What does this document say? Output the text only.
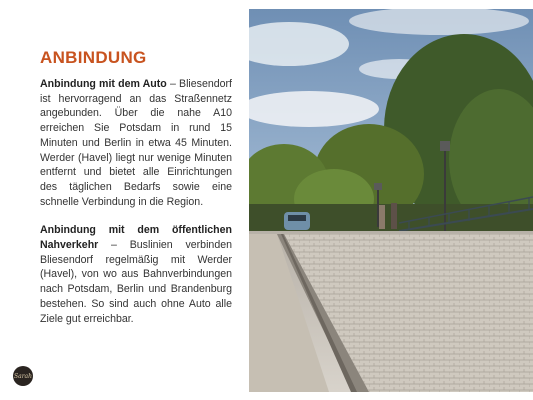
ANBINDUNG

Anbindung mit dem Auto – Bliesendorf ist hervorragend an das Straßennetz angebunden. Über die nahe A10 erreichen Sie Potsdam in rund 15 Minuten und Berlin in etwa 45 Minuten. Werder (Havel) liegt nur wenige Minuten entfernt und bietet alle Einrichtungen des täglichen Bedarfs sowie eine schnelle Verbindung in die Region.

Anbindung mit dem öffentlichen Nahverkehr – Buslinien verbinden Bliesendorf regelmäßig mit Werder (Havel), von wo aus Bahnverbindungen nach Potsdam, Berlin und Brandenburg bestehen. So sind auch ohne Auto alle Ziele gut erreichbar.

Sarah
